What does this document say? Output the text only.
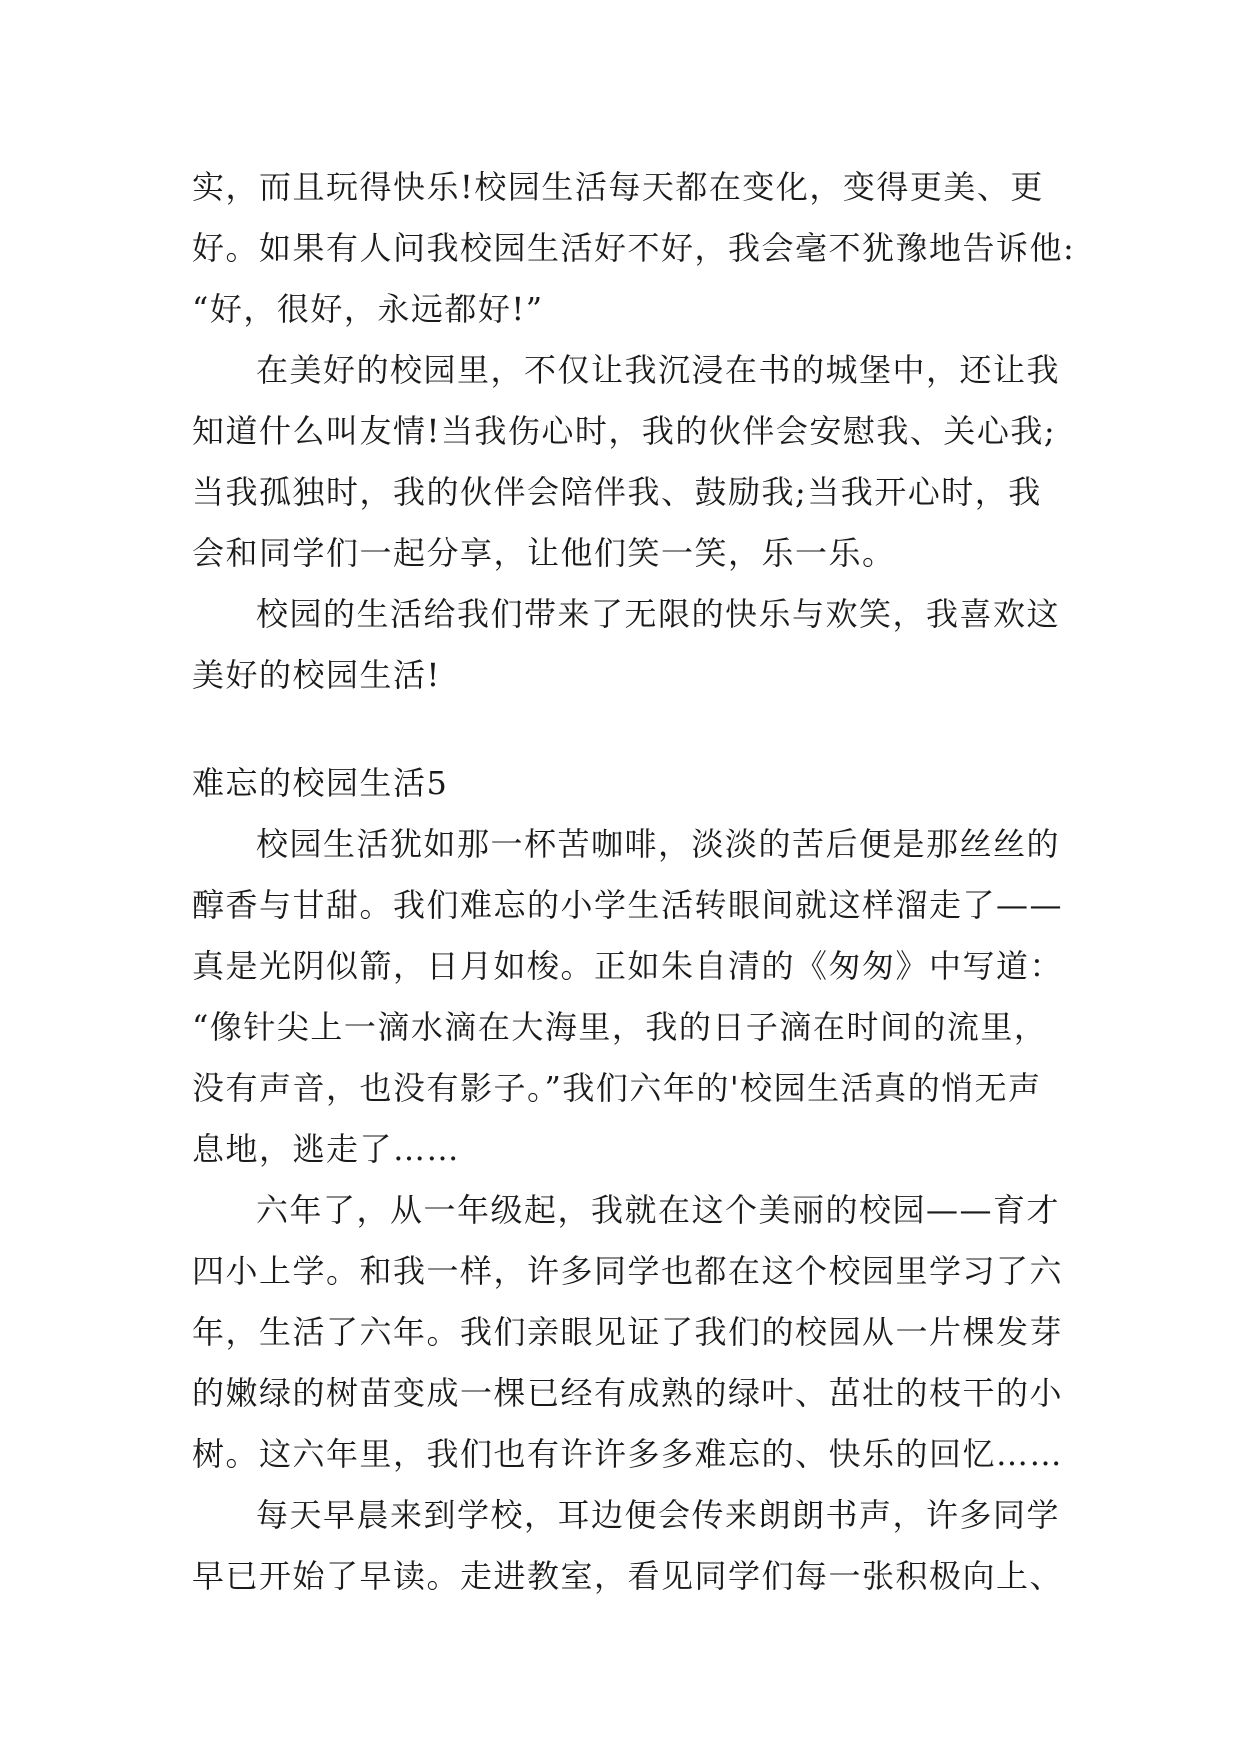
实，而且玩得快乐!校园生活每天都在变化，变得更美、更
好。如果有人问我校园生活好不好，我会毫不犹豫地告诉他:
“好，很好，永远都好!”
在美好的校园里，不仅让我沉浸在书的城堡中，还让我
知道什么叫友情!当我伤心时，我的伙伴会安慰我、关心我;
当我孤独时，我的伙伴会陪伴我、鼓励我;当我开心时，我
会和同学们一起分享，让他们笑一笑，乐一乐。
校园的生活给我们带来了无限的快乐与欢笑，我喜欢这
美好的校园生活!
难忘的校园生活5
校园生活犹如那一杯苦咖啡，淡淡的苦后便是那丝丝的
醇香与甘甜。我们难忘的小学生活转眼间就这样溜走了——
真是光阴似箭，日月如梭。正如朱自清的《匆匆》中写道：
“像针尖上一滴水滴在大海里，我的日子滴在时间的流里，
没有声音，也没有影子。”我们六年的'校园生活真的悄无声
息地，逃走了……
六年了，从一年级起，我就在这个美丽的校园——育才
四小上学。和我一样，许多同学也都在这个校园里学习了六
年，生活了六年。我们亲眼见证了我们的校园从一片棵发芽
的嫩绿的树苗变成一棵已经有成熟的绿叶、茁壮的枝干的小
树。这六年里，我们也有许许多多难忘的、快乐的回忆……
每天早晨来到学校，耳边便会传来朗朗书声，许多同学
早已开始了早读。走进教室，看见同学们每一张积极向上、
